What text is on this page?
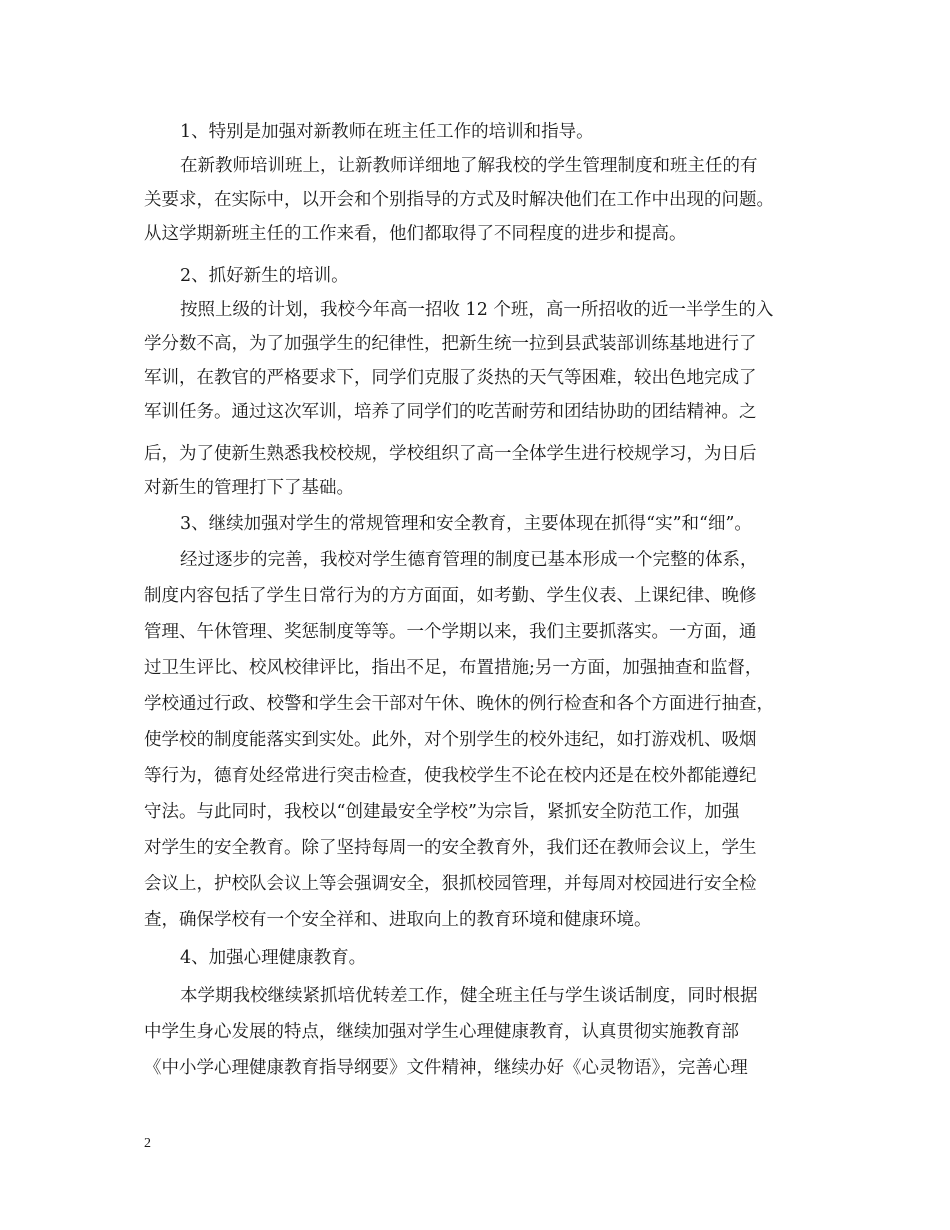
1、特别是加强对新教师在班主任工作的培训和指导。

在新教师培训班上，让新教师详细地了解我校的学生管理制度和班主任的有

关要求，在实际中，以开会和个别指导的方式及时解决他们在工作中出现的问题。

从这学期新班主任的工作来看，他们都取得了不同程度的进步和提高。

2、抓好新生的培训。

按照上级的计划，我校今年高一招收 12 个班，高一所招收的近一半学生的入

学分数不高，为了加强学生的纪律性，把新生统一拉到县武装部训练基地进行了

军训，在教官的严格要求下，同学们克服了炎热的天气等困难，较出色地完成了

军训任务。通过这次军训，培养了同学们的吃苦耐劳和团结协助的团结精神。之

后，为了使新生熟悉我校校规，学校组织了高一全体学生进行校规学习，为日后

对新生的管理打下了基础。

3、继续加强对学生的常规管理和安全教育，主要体现在抓得“实”和“细”。

经过逐步的完善，我校对学生德育管理的制度已基本形成一个完整的体系，

制度内容包括了学生日常行为的方方面面，如考勤、学生仪表、上课纪律、晚修

管理、午休管理、奖惩制度等等。一个学期以来，我们主要抓落实。一方面，通

过卫生评比、校风校律评比，指出不足，布置措施;另一方面，加强抽查和监督，

学校通过行政、校警和学生会干部对午休、晚休的例行检查和各个方面进行抽查，

使学校的制度能落实到实处。此外，对个别学生的校外违纪，如打游戏机、吸烟

等行为，德育处经常进行突击检查，使我校学生不论在校内还是在校外都能遵纪

守法。与此同时，我校以“创建最安全学校”为宗旨，紧抓安全防范工作，加强

对学生的安全教育。除了坚持每周一的安全教育外，我们还在教师会议上，学生

会议上，护校队会议上等会强调安全，狠抓校园管理，并每周对校园进行安全检

查，确保学校有一个安全祥和、进取向上的教育环境和健康环境。

4、加强心理健康教育。

本学期我校继续紧抓培优转差工作，健全班主任与学生谈话制度，同时根据

中学生身心发展的特点，继续加强对学生心理健康教育，认真贯彻实施教育部

《中小学心理健康教育指导纲要》文件精神，继续办好《心灵物语》，完善心理

2
